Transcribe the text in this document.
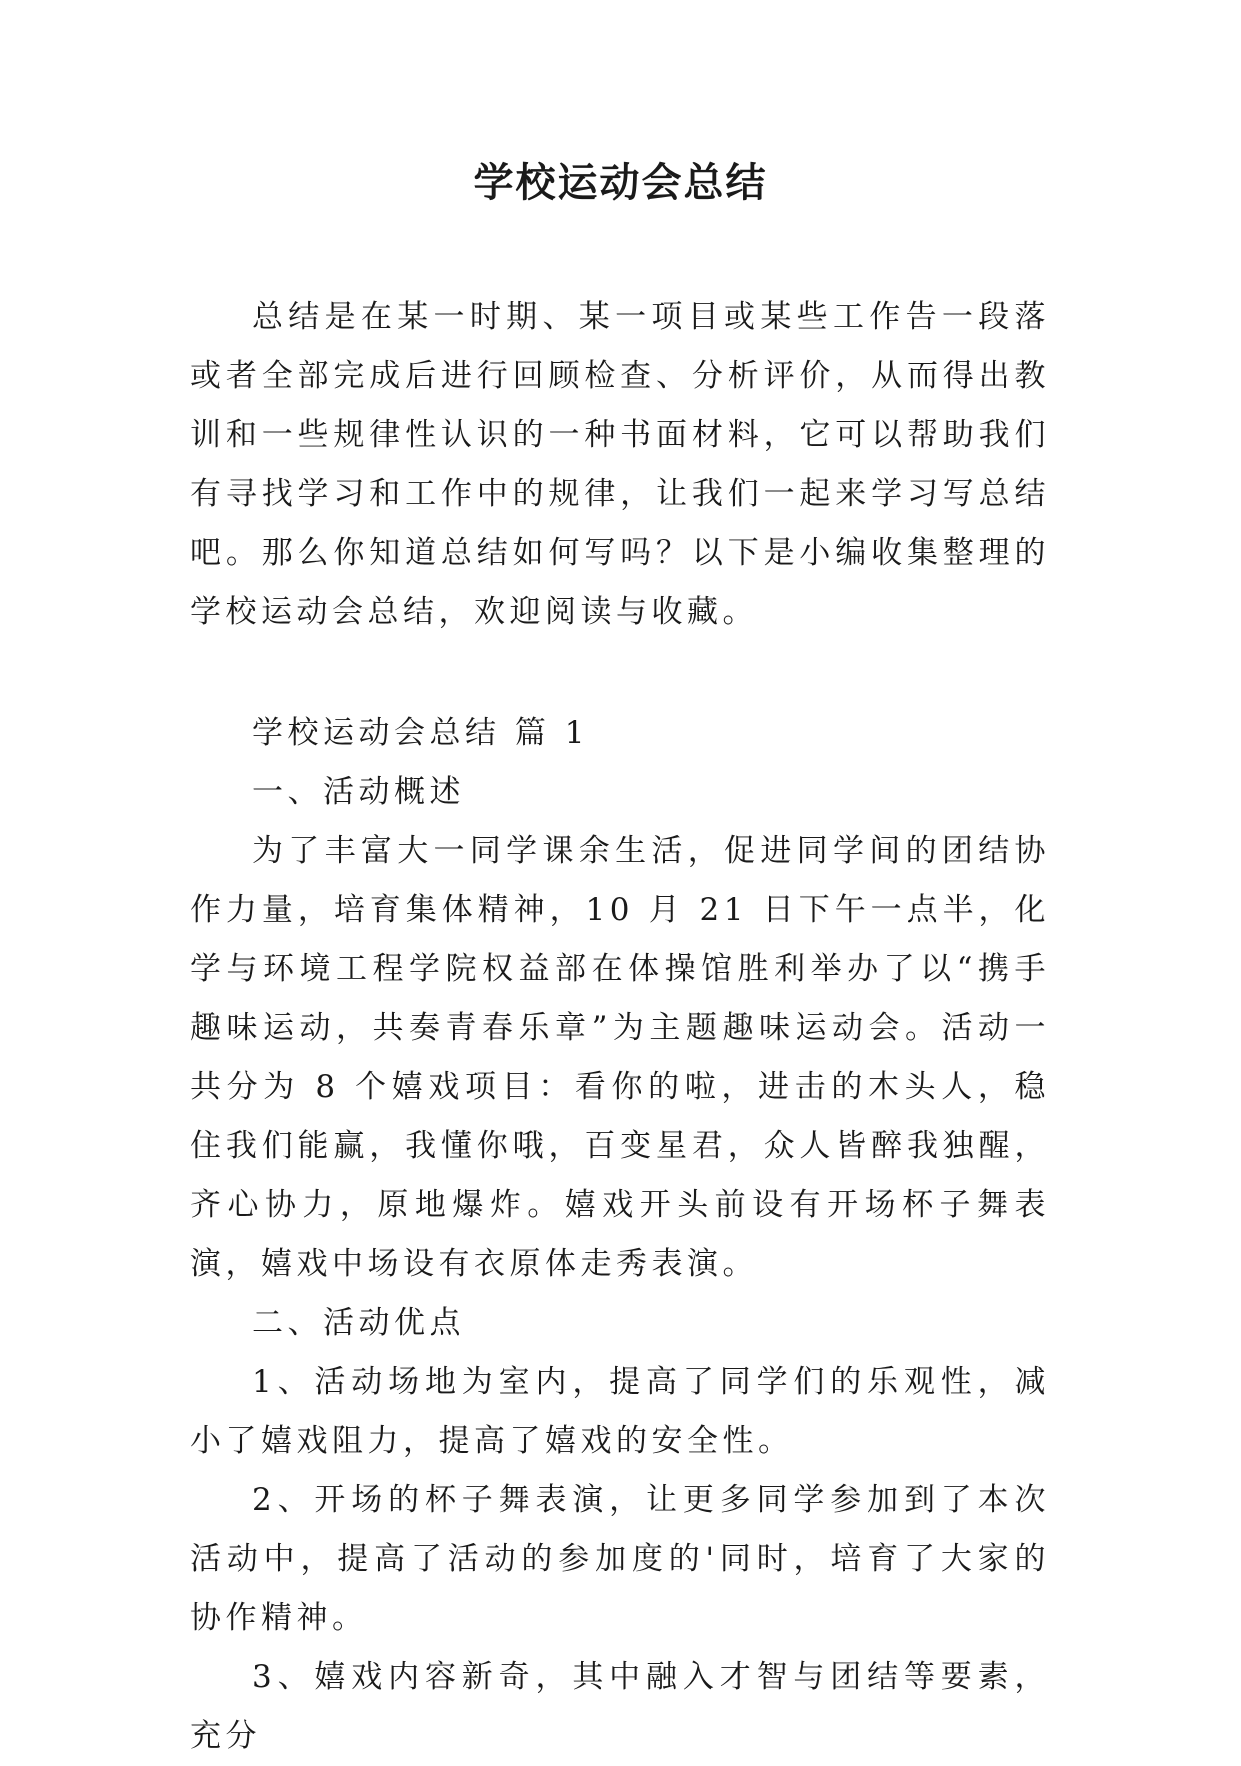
学校运动会总结

总结是在某一时期、某一项目或某些工作告一段落或者全部完成后进行回顾检查、分析评价，从而得出教训和一些规律性认识的一种书面材料，它可以帮助我们有寻找学习和工作中的规律，让我们一起来学习写总结吧。那么你知道总结如何写吗？以下是小编收集整理的学校运动会总结，欢迎阅读与收藏。

学校运动会总结 篇 1

一、活动概述

为了丰富大一同学课余生活，促进同学间的团结协作力量，培育集体精神，10 月 21 日下午一点半，化学与环境工程学院权益部在体操馆胜利举办了以“携手趣味运动，共奏青春乐章”为主题趣味运动会。活动一共分为 8 个嬉戏项目：看你的啦，进击的木头人，稳住我们能赢，我懂你哦，百变星君，众人皆醉我独醒，齐心协力，原地爆炸。嬉戏开头前设有开场杯子舞表演，嬉戏中场设有衣原体走秀表演。

二、活动优点

1、活动场地为室内，提高了同学们的乐观性，减小了嬉戏阻力，提高了嬉戏的安全性。

2、开场的杯子舞表演，让更多同学参加到了本次活动中，提高了活动的参加度的'同时，培育了大家的协作精神。

3、嬉戏内容新奇，其中融入才智与团结等要素，充分
